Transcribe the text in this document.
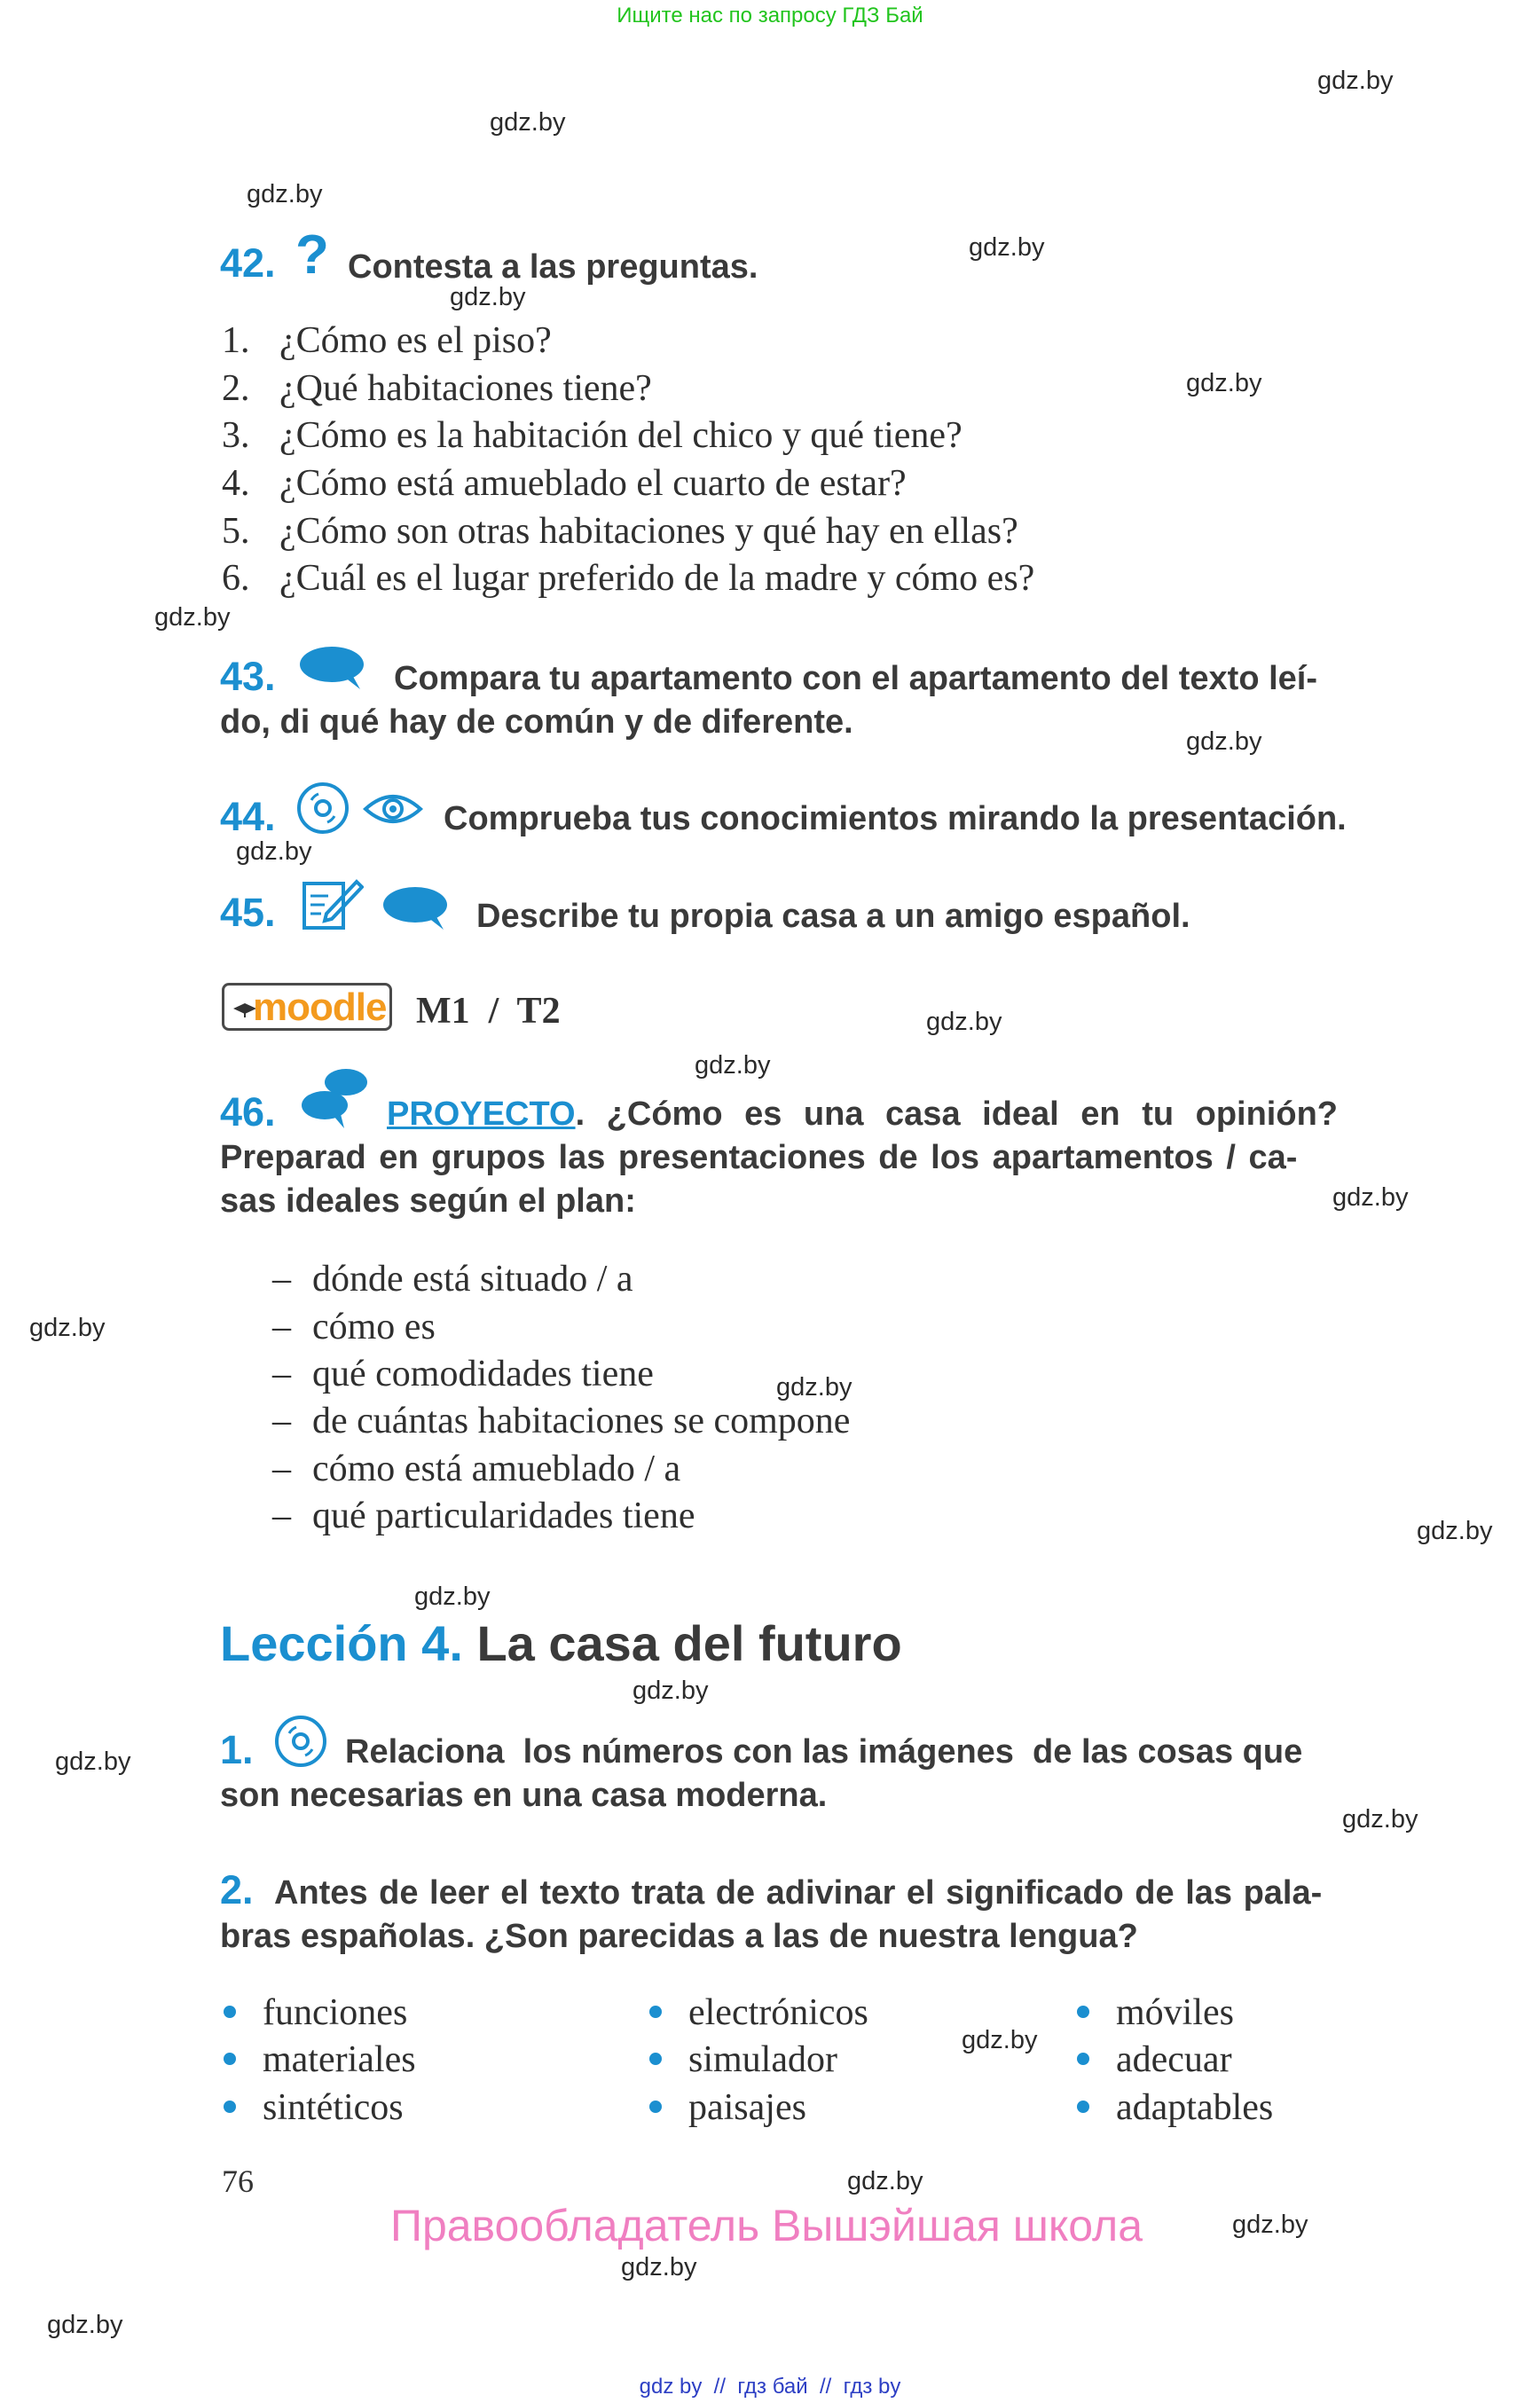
Ищите нас по запросу ГДЗ Бай
gdz.by
gdz.by
gdz.by
gdz.by
gdz.by
gdz.by
gdz.by
gdz.by
gdz.by
gdz.by
gdz.by
gdz.by
gdz.by
gdz.by
gdz.by
gdz.by
gdz.by
gdz.by
gdz.by
gdz.by
gdz.by
gdz.by
gdz.by
gdz.by
42. ? Contesta a las preguntas.
1. ¿Cómo es el piso?
2. ¿Qué habitaciones tiene?
3. ¿Cómo es la habitación del chico y qué tiene?
4. ¿Cómo está amueblado el cuarto de estar?
5. ¿Cómo son otras habitaciones y qué hay en ellas?
6. ¿Cuál es el lugar preferido de la madre y cómo es?
43.	Compara tu apartamento con el apartamento del texto leí-
do, di qué hay de común y de diferente.
44.	Comprueba tus conocimientos mirando la presentación.
45.	Describe tu propia casa a un amigo español.
moodle M1  /  T2
46.	PROYECTO. ¿Cómo es una casa ideal en tu opinión?
Preparad en grupos las presentaciones de los apartamentos / ca-
sas ideales según el plan:
– dónde está situado / a
– cómo es
– qué comodidades tiene
– de cuántas habitaciones se compone
– cómo está amueblado / a
– qué particularidades tiene
Lección 4. La casa del futuro
1.	Relaciona  los números con las imágenes  de las cosas que
son necesarias en una casa moderna.
2. Antes de leer el texto trata de adivinar el significado de las pala-
bras españolas. ¿Son parecidas a las de nuestra lengua?
funciones
materiales
sintéticos
electrónicos
simulador
paisajes
móviles
adecuar
adaptables
76
Правообладатель Вышэйшая школа
gdz by  //  гдз бай  //  гдз by
